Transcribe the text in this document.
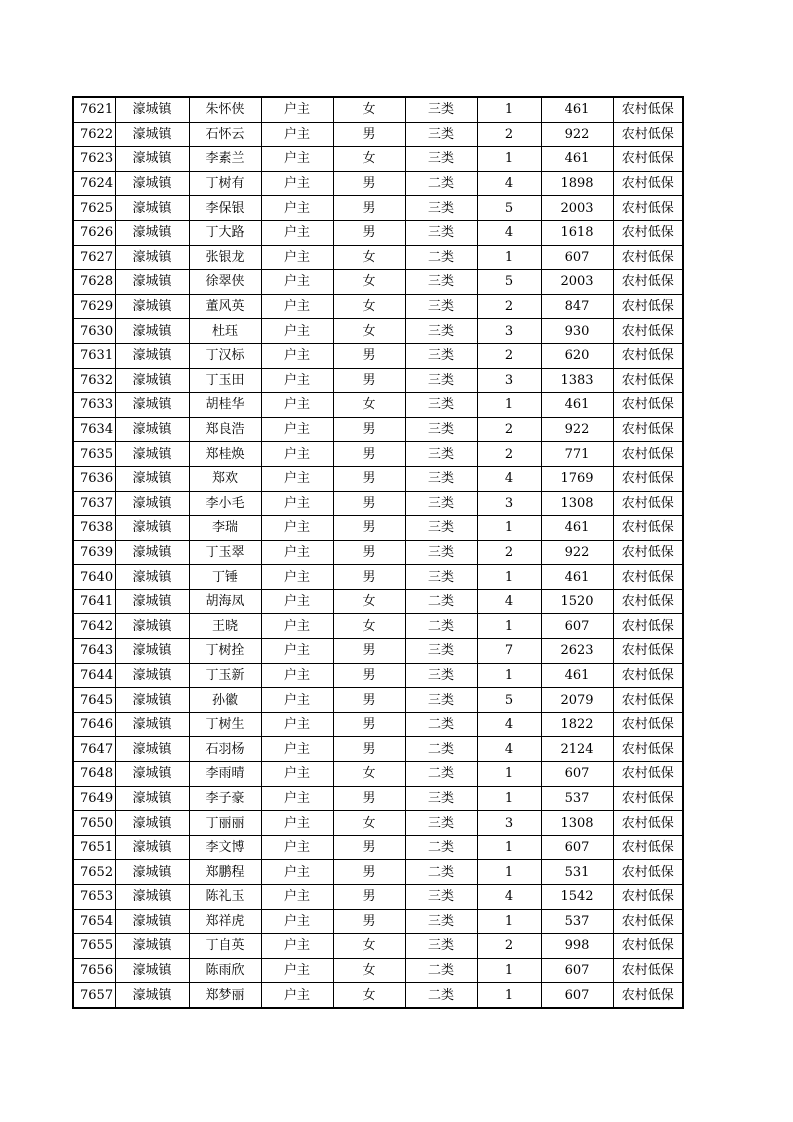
7621	濠城镇	朱怀侠	户主	女	三类	1	461	农村低保
7622	濠城镇	石怀云	户主	男	三类	2	922	农村低保
7623	濠城镇	李素兰	户主	女	三类	1	461	农村低保
7624	濠城镇	丁树有	户主	男	二类	4	1898	农村低保
7625	濠城镇	李保银	户主	男	三类	5	2003	农村低保
7626	濠城镇	丁大路	户主	男	三类	4	1618	农村低保
7627	濠城镇	张银龙	户主	女	二类	1	607	农村低保
7628	濠城镇	徐翠侠	户主	女	三类	5	2003	农村低保
7629	濠城镇	董风英	户主	女	三类	2	847	农村低保
7630	濠城镇	杜珏	户主	女	三类	3	930	农村低保
7631	濠城镇	丁汉标	户主	男	三类	2	620	农村低保
7632	濠城镇	丁玉田	户主	男	三类	3	1383	农村低保
7633	濠城镇	胡桂华	户主	女	三类	1	461	农村低保
7634	濠城镇	郑良浩	户主	男	三类	2	922	农村低保
7635	濠城镇	郑桂焕	户主	男	三类	2	771	农村低保
7636	濠城镇	郑欢	户主	男	三类	4	1769	农村低保
7637	濠城镇	李小毛	户主	男	三类	3	1308	农村低保
7638	濠城镇	李瑞	户主	男	三类	1	461	农村低保
7639	濠城镇	丁玉翠	户主	男	三类	2	922	农村低保
7640	濠城镇	丁锤	户主	男	三类	1	461	农村低保
7641	濠城镇	胡海凤	户主	女	二类	4	1520	农村低保
7642	濠城镇	王晓	户主	女	二类	1	607	农村低保
7643	濠城镇	丁树拴	户主	男	三类	7	2623	农村低保
7644	濠城镇	丁玉新	户主	男	三类	1	461	农村低保
7645	濠城镇	孙徽	户主	男	三类	5	2079	农村低保
7646	濠城镇	丁树生	户主	男	二类	4	1822	农村低保
7647	濠城镇	石羽杨	户主	男	二类	4	2124	农村低保
7648	濠城镇	李雨晴	户主	女	二类	1	607	农村低保
7649	濠城镇	李子豪	户主	男	三类	1	537	农村低保
7650	濠城镇	丁丽丽	户主	女	三类	3	1308	农村低保
7651	濠城镇	李文博	户主	男	二类	1	607	农村低保
7652	濠城镇	郑鹏程	户主	男	二类	1	531	农村低保
7653	濠城镇	陈礼玉	户主	男	三类	4	1542	农村低保
7654	濠城镇	郑祥虎	户主	男	三类	1	537	农村低保
7655	濠城镇	丁自英	户主	女	三类	2	998	农村低保
7656	濠城镇	陈雨欣	户主	女	二类	1	607	农村低保
7657	濠城镇	郑梦丽	户主	女	二类	1	607	农村低保
